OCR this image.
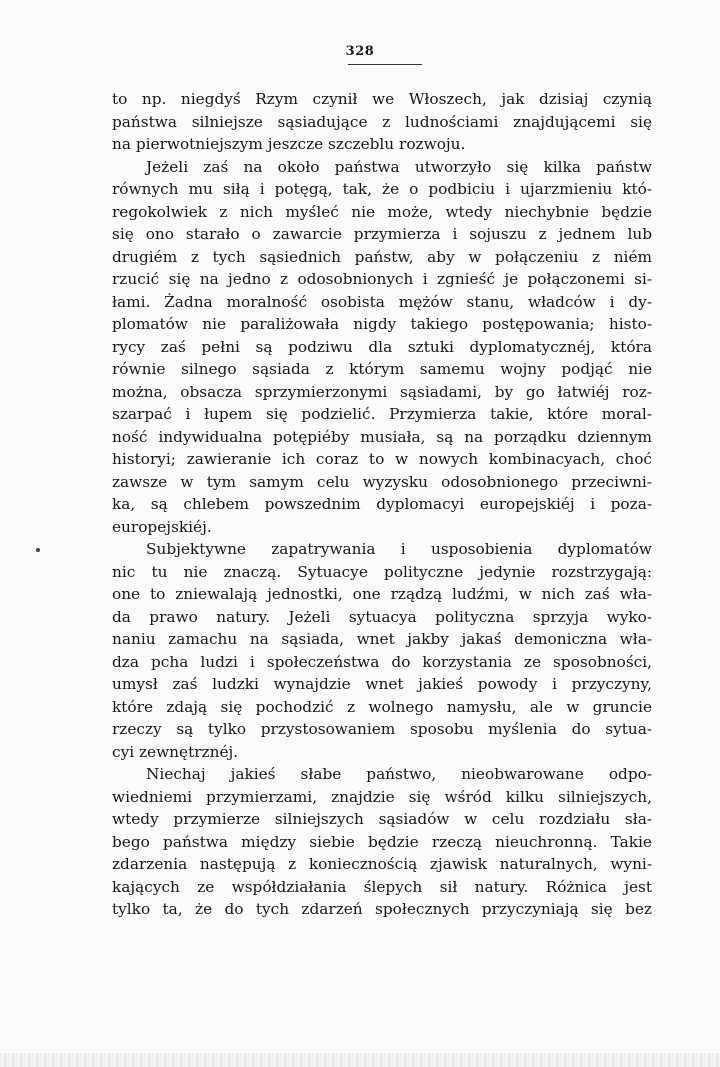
328
to np. niegdyś Rzym czynił we Włoszech, jak dzisiaj czynią
państwa silniejsze sąsiadujące z ludnościami znajdującemi się
na pierwotniejszym jeszcze szczeblu rozwoju.
Jeżeli zaś na około państwa utworzyło się kilka państw
równych mu siłą i potęgą, tak, że o podbiciu i ujarzmieniu któ-
regokolwiek z nich myśleć nie może, wtedy niechybnie będzie
się ono starało o zawarcie przymierza i sojuszu z jednem lub
drugiém z tych sąsiednich państw, aby w połączeniu z niém
rzucić się na jedno z odosobnionych i zgnieść je połączonemi si-
łami. Żadna moralność osobista mężów stanu, władców i dy-
plomatów nie paraliżowała nigdy takiego postępowania; histo-
rycy zaś pełni są podziwu dla sztuki dyplomatycznéj, która
równie silnego sąsiada z którym samemu wojny podjąć nie
można, obsacza sprzymierzonymi sąsiadami, by go łatwiéj roz-
szarpać i łupem się podzielić. Przymierza takie, które moral-
ność indywidualna potępiéby musiała, są na porządku dziennym
historyi; zawieranie ich coraz to w nowych kombinacyach, choć
zawsze w tym samym celu wyzysku odosobnionego przeciwni-
ka, są chlebem powszednim dyplomacyi europejskiéj i poza-
europejskiéj.
Subjektywne zapatrywania i usposobienia dyplomatów
nic tu nie znaczą. Sytuacye polityczne jedynie rozstrzygają:
one to zniewalają jednostki, one rządzą ludźmi, w nich zaś wła-
da prawo natury. Jeżeli sytuacya polityczna sprzyja wyko-
naniu zamachu na sąsiada, wnet jakby jakaś demoniczna wła-
dza pcha ludzi i społeczeństwa do korzystania ze sposobności,
umysł zaś ludzki wynajdzie wnet jakieś powody i przyczyny,
które zdają się pochodzić z wolnego namysłu, ale w gruncie
rzeczy są tylko przystosowaniem sposobu myślenia do sytua-
cyi zewnętrznéj.
Niechaj jakieś słabe państwo, nieobwarowane odpo-
wiedniemi przymierzami, znajdzie się wśród kilku silniejszych,
wtedy przymierze silniejszych sąsiadów w celu rozdziału sła-
bego państwa między siebie będzie rzeczą nieuchronną. Takie
zdarzenia następują z koniecznością zjawisk naturalnych, wyni-
kających ze współdziałania ślepych sił natury. Różnica jest
tylko ta, że do tych zdarzeń społecznych przyczyniają się bez
